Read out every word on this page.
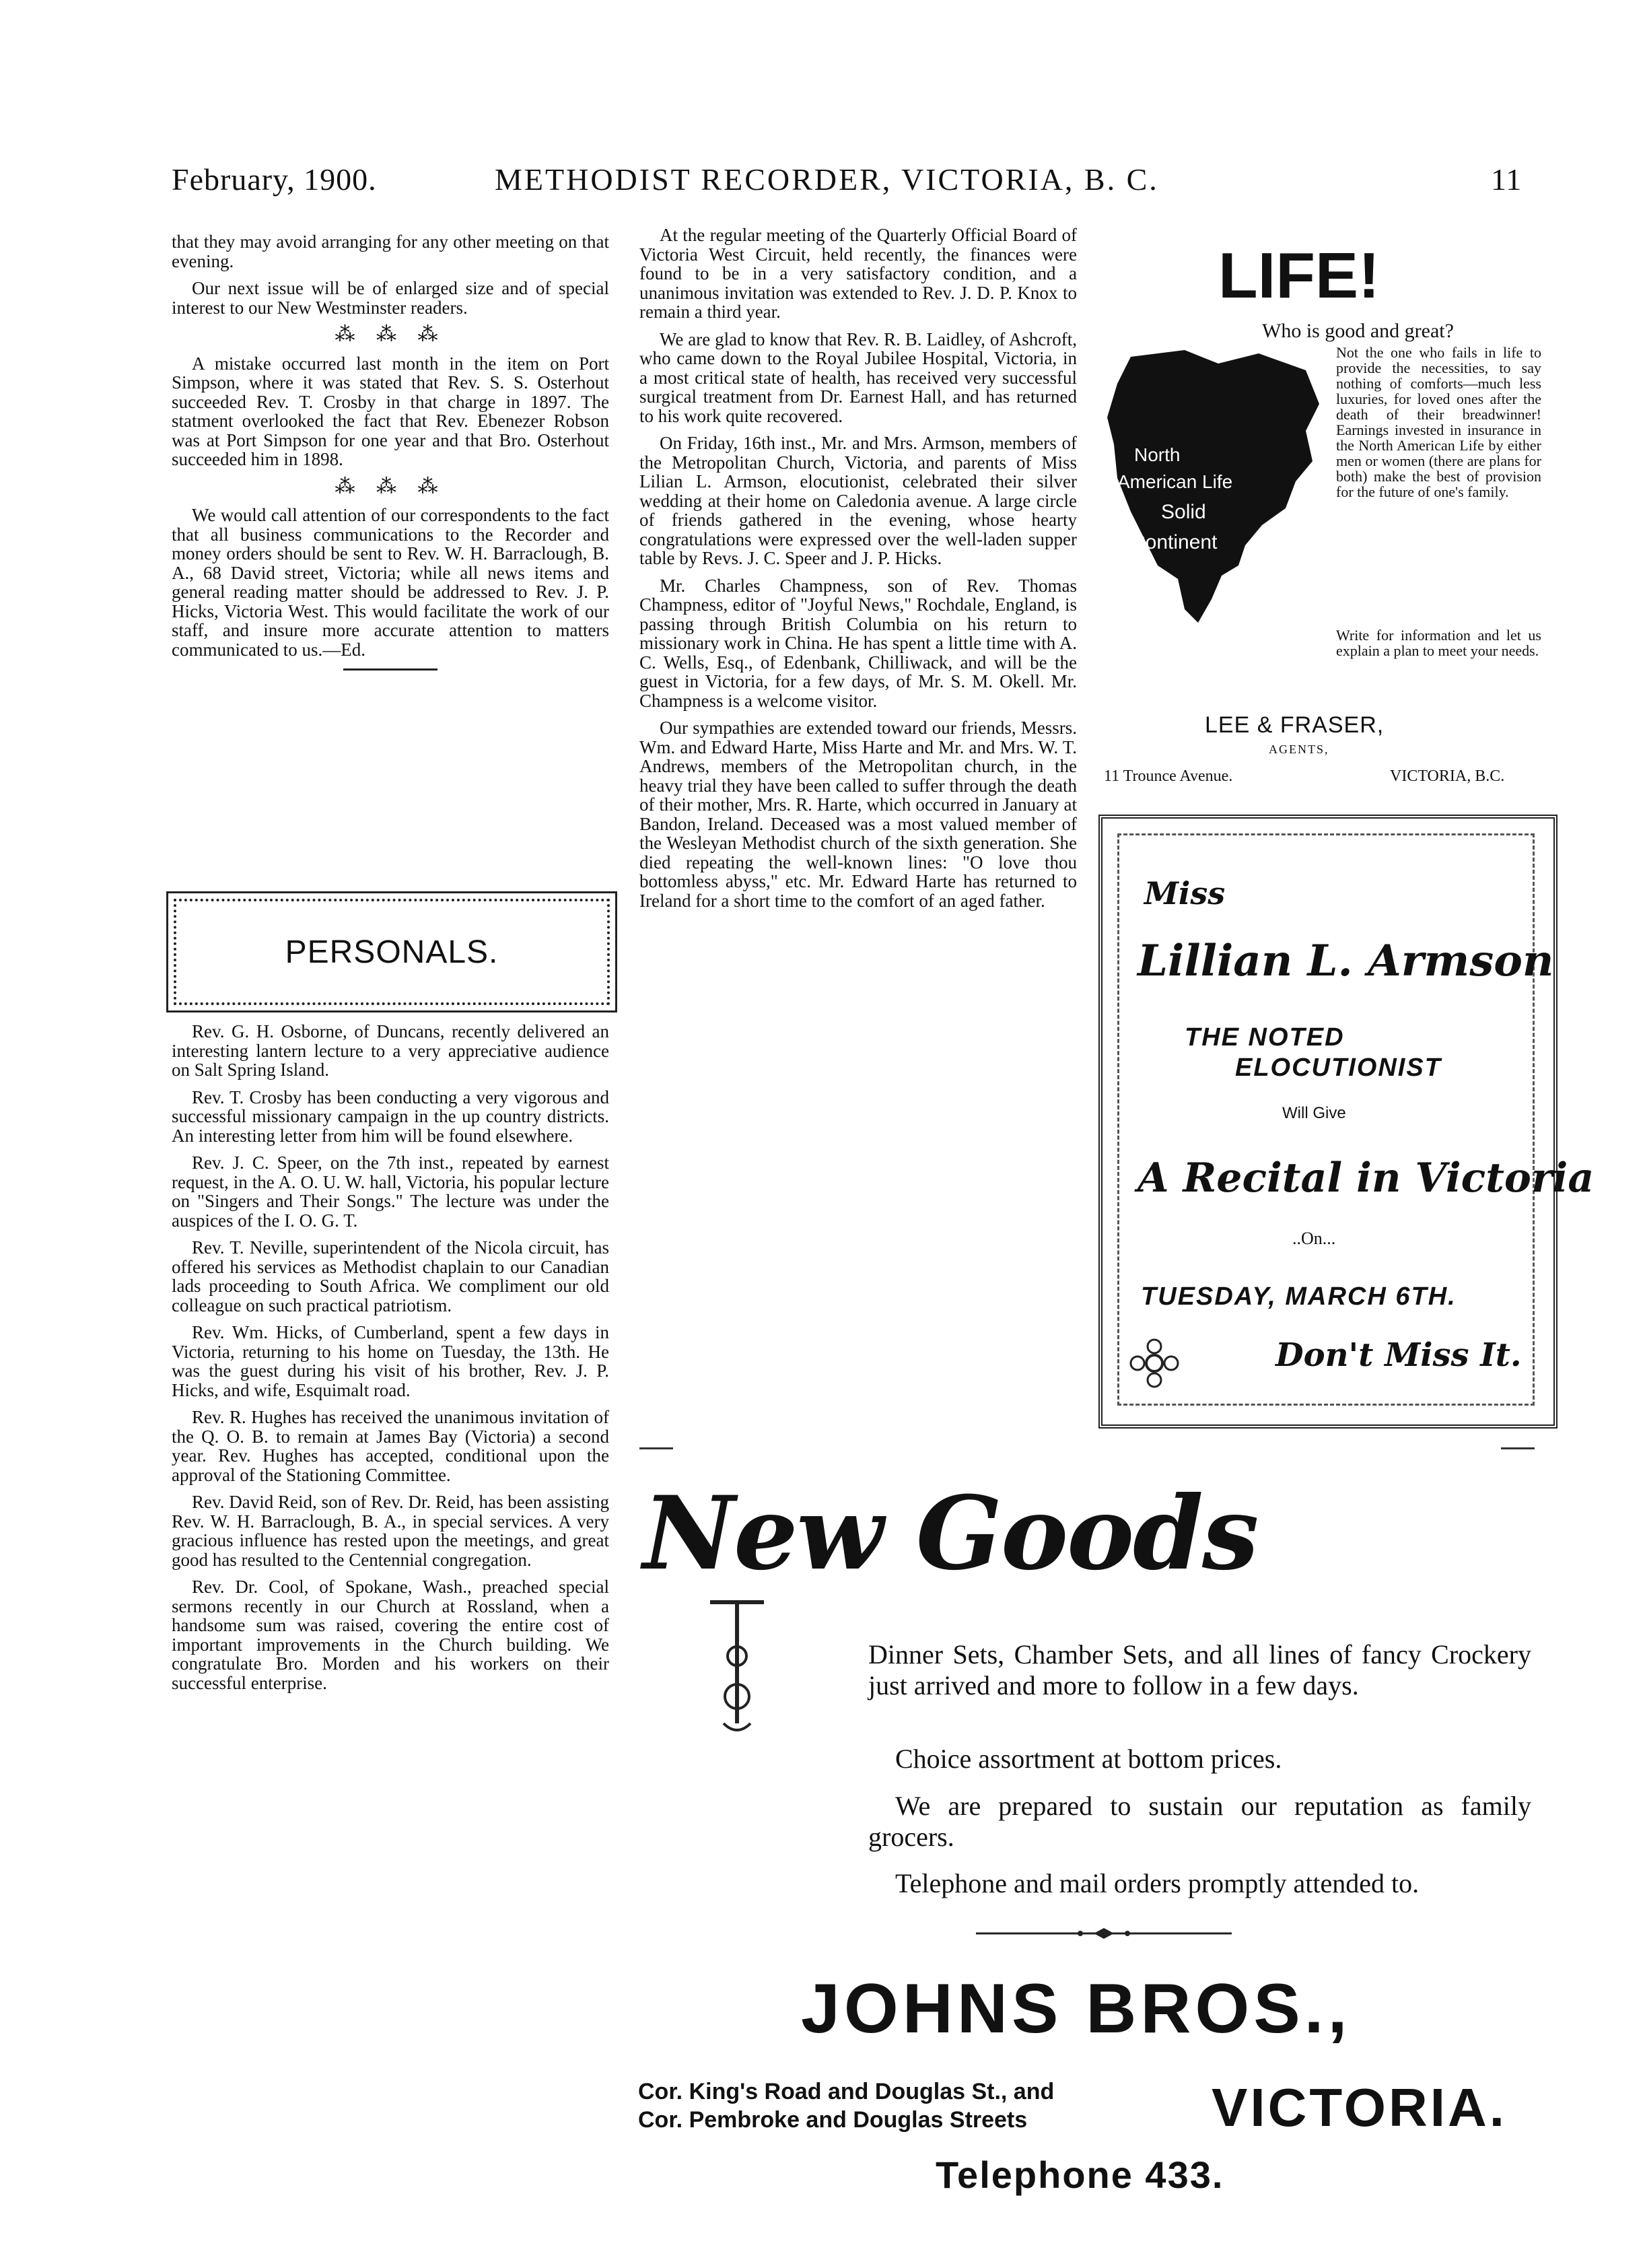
February, 1900.	METHODIST RECORDER, VICTORIA, B. C.	11

that they may avoid arranging for any other meeting on that evening.

Our next issue will be of enlarged size and of special interest to our New Westminster readers.

⁂ ⁂ ⁂

A mistake occurred last month in the item on Port Simpson, where it was stated that Rev. S. S. Osterhout succeeded Rev. T. Crosby in that charge in 1897. The statment overlooked the fact that Rev. Ebenezer Robson was at Port Simpson for one year and that Bro. Osterhout succeeded him in 1898.

⁂ ⁂ ⁂

We would call attention of our correspondents to the fact that all business communications to the Recorder and money orders should be sent to Rev. W. H. Barraclough, B. A., 68 David street, Victoria; while all news items and general reading matter should be addressed to Rev. J. P. Hicks, Victoria West. This would facilitate the work of our staff, and insure more accurate attention to matters communicated to us.—Ed.

PERSONALS.

Rev. G. H. Osborne, of Duncans, recently delivered an interesting lantern lecture to a very appreciative audience on Salt Spring Island.

Rev. T. Crosby has been conducting a very vigorous and successful missionary campaign in the up country districts. An interesting letter from him will be found elsewhere.

Rev. J. C. Speer, on the 7th inst., repeated by earnest request, in the A. O. U. W. hall, Victoria, his popular lecture on "Singers and Their Songs." The lecture was under the auspices of the I. O. G. T.

Rev. T. Neville, superintendent of the Nicola circuit, has offered his services as Methodist chaplain to our Canadian lads proceeding to South Africa. We compliment our old colleague on such practical patriotism.

Rev. Wm. Hicks, of Cumberland, spent a few days in Victoria, returning to his home on Tuesday, the 13th. He was the guest during his visit of his brother, Rev. J. P. Hicks, and wife, Esquimalt road.

Rev. R. Hughes has received the unanimous invitation of the Q. O. B. to remain at James Bay (Victoria) a second year. Rev. Hughes has accepted, conditional upon the approval of the Stationing Committee.

Rev. David Reid, son of Rev. Dr. Reid, has been assisting Rev. W. H. Barraclough, B. A., in special services. A very gracious influence has rested upon the meetings, and great good has resulted to the Centennial congregation.

Rev. Dr. Cool, of Spokane, Wash., preached special sermons recently in our Church at Rossland, when a handsome sum was raised, covering the entire cost of important improvements in the Church building. We congratulate Bro. Morden and his workers on their successful enterprise.

At the regular meeting of the Quarterly Official Board of Victoria West Circuit, held recently, the finances were found to be in a very satisfactory condition, and a unanimous invitation was extended to Rev. J. D. P. Knox to remain a third year.

We are glad to know that Rev. R. B. Laidley, of Ashcroft, who came down to the Royal Jubilee Hospital, Victoria, in a most critical state of health, has received very successful surgical treatment from Dr. Earnest Hall, and has returned to his work quite recovered.

On Friday, 16th inst., Mr. and Mrs. Armson, members of the Metropolitan Church, Victoria, and parents of Miss Lilian L. Armson, elocutionist, celebrated their silver wedding at their home on Caledonia avenue. A large circle of friends gathered in the evening, whose hearty congratulations were expressed over the well-laden supper table by Revs. J. C. Speer and J. P. Hicks.

Mr. Charles Champness, son of Rev. Thomas Champness, editor of "Joyful News," Rochdale, England, is passing through British Columbia on his return to missionary work in China. He has spent a little time with A. C. Wells, Esq., of Edenbank, Chilliwack, and will be the guest in Victoria, for a few days, of Mr. S. M. Okell. Mr. Champness is a welcome visitor.

Our sympathies are extended toward our friends, Messrs. Wm. and Edward Harte, Miss Harte and Mr. and Mrs. W. T. Andrews, members of the Metropolitan church, in the heavy trial they have been called to suffer through the death of their mother, Mrs. R. Harte, which occurred in January at Bandon, Ireland. Deceased was a most valued member of the Wesleyan Methodist church of the sixth generation. She died repeating the well-known lines: "O love thou bottomless abyss," etc. Mr. Edward Harte has returned to Ireland for a short time to the comfort of an aged father.

LIFE!
Who is good and great?
North
American Life
Solid
Continent
Not the one who fails in life to provide the necessities, to say nothing of comforts—much less luxuries, for loved ones after the death of their breadwinner! Earnings invested in insurance in the North American Life by either men or women (there are plans for both) make the best of provision for the future of one's family.
Write for information and let us explain a plan to meet your needs.
LEE & FRASER,
AGENTS,
11 Trounce Avenue.	VICTORIA, B.C.
Miss
Lillian L. Armson
THE NOTED
ELOCUTIONIST
Will Give
A Recital in Victoria
..On...
TUESDAY, MARCH 6TH.
Don't Miss It.
New Goods
Dinner Sets, Chamber Sets, and all lines of fancy Crockery just arrived and more to follow in a few days.
Choice assortment at bottom prices.
We are prepared to sustain our reputation as family grocers.
Telephone and mail orders promptly attended to.
JOHNS BROS.,
Cor. King's Road and Douglas St., and
Cor. Pembroke and Douglas Streets	VICTORIA.
Telephone 433.
